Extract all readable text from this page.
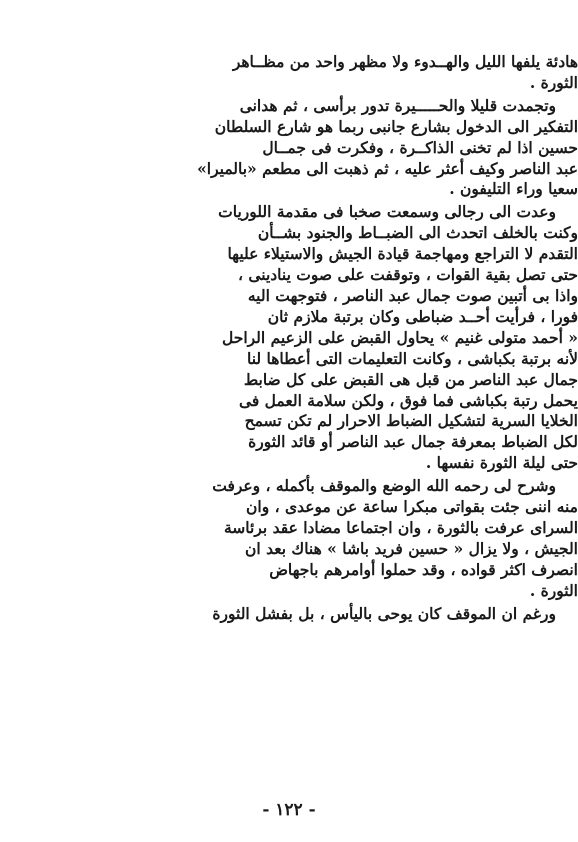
هادئة يلفها الليل والهــدوء ولا مظهر واحد من مظــاهر
الثورة .
وتجمدت قليلا والحـــــيرة تدور برأسى ، ثم هدانى
التفكير الى الدخول بشارع جانبى ربما هو شارع السلطان
حسين اذا لم تخنى الذاكــرة ، وفكرت فى جمــال
عبد الناصر وكيف أعثر عليه ، ثم ذهبت الى مطعم «بالميرا»
سعيا وراء التليفون .
وعدت الى رجالى وسمعت صخبا فى مقدمة اللوريات
وكنت بالخلف اتحدث الى الضبــاط والجنود بشــأن
التقدم لا التراجع ومهاجمة قيادة الجيش والاستيلاء عليها
حتى تصل بقية القوات ، وتوقفت على صوت ينادينى ،
واذا بى أتبين صوت جمال عبد الناصر ، فتوجهت اليه
فورا ، فرأيت أحــد ضباطى وكان برتبة ملازم ثان
« أحمد متولى غنيم » يحاول القبض على الزعيم الراحل
لأنه برتبة بكباشى ، وكانت التعليمات التى أعطاها لنا
جمال عبد الناصر من قبل هى القبض على كل ضابط
يحمل رتبة بكباشى فما فوق ، ولكن سلامة العمل فى
الخلايا السرية لتشكيل الضباط الاحرار لم تكن تسمح
لكل الضباط بمعرفة جمال عبد الناصر أو قائد الثورة
حتى ليلة الثورة نفسها .
وشرح لى رحمه الله الوضع والموقف بأكمله ، وعرفت
منه اننى جئت بقواتى مبكرا ساعة عن موعدى ، وان
السراى عرفت بالثورة ، وان اجتماعا مضادا عقد برئاسة
الجيش ، ولا يزال « حسين فريد باشا » هناك بعد ان
انصرف اكثر قواده ، وقد حملوا أوامرهم باجهاض
الثورة .
ورغم ان الموقف كان يوحى باليأس ، بل بفشل الثورة
- ١٢٢ -
